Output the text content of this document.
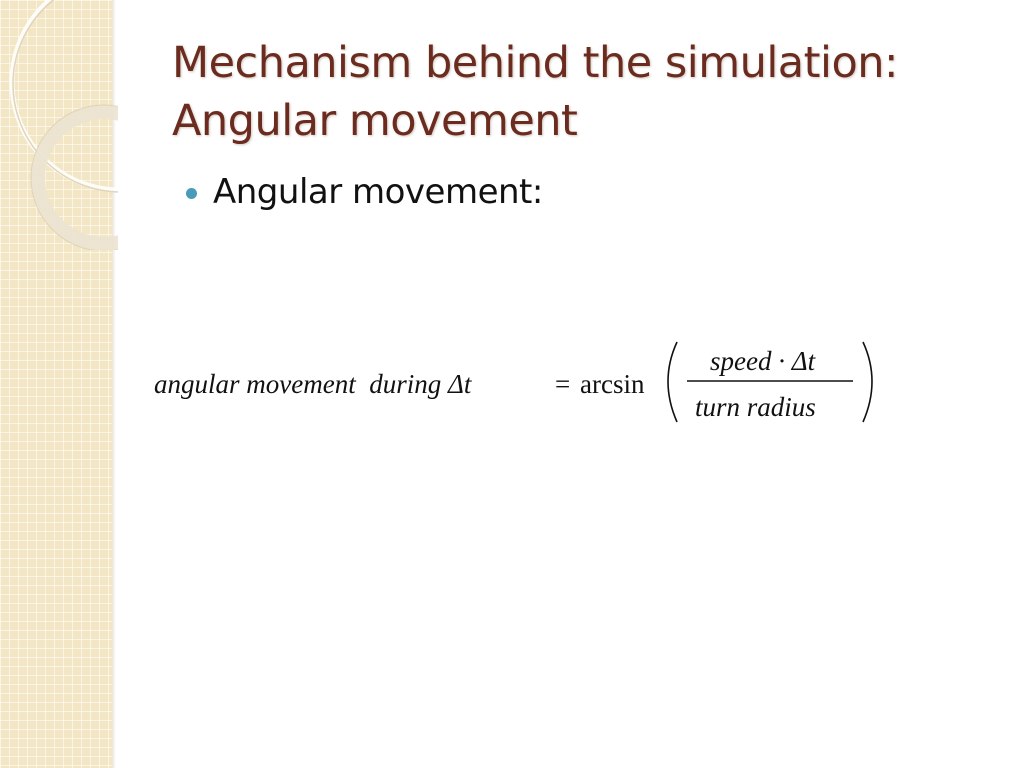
Mechanism behind the simulation:
Angular movement
Angular movement:
angular movement  during Δt	= arcsin
speed · Δt
turn radius
